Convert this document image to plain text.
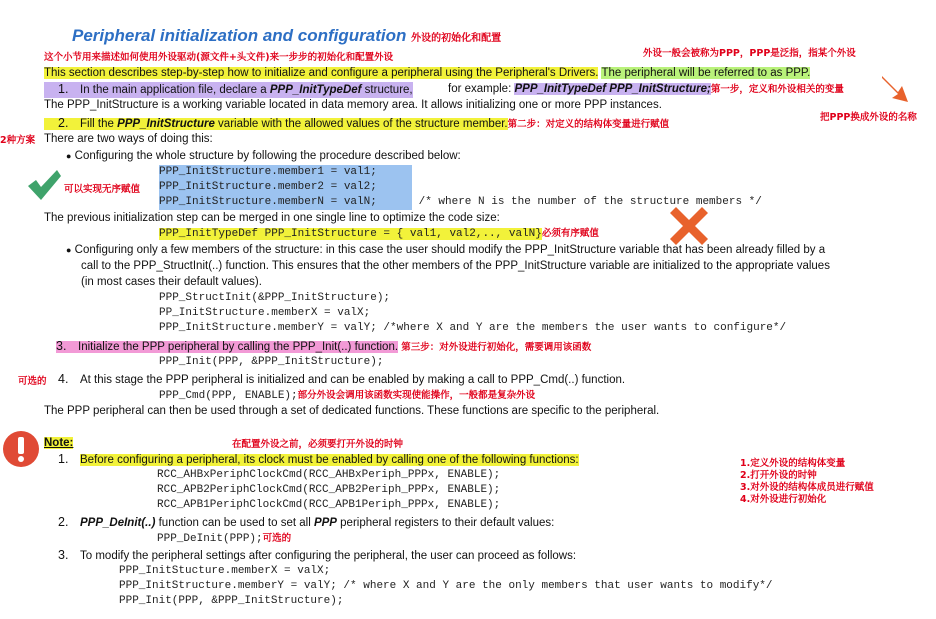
Peripheral initialization and configuration 外设的初始化和配置
这个小节用来描述如何使用外设驱动(源文件+头文件)来一步步的初始化和配置外设	外设一般会被称为PPP，PPP是泛指，指某个外设
This section describes step-by-step how to initialize and configure a peripheral using the Peripheral's Drivers. The peripheral will be referred to as PPP.
1. In the main application file, declare a PPP_InitTypeDef structure,	for example: PPP_InitTypeDef PPP_InitStructure;第一步，定义和外设相关的变量
The PPP_InitStructure is a working variable located in data memory area. It allows initializing one or more PPP instances.
把PPP换成外设的名称
2. Fill the PPP_InitStructure variable with the allowed values of the structure member.第二步：对定义的结构体变量进行赋值
2种方案 There are two ways of doing this:
● Configuring the whole structure by following the procedure described below:
PPP_InitStructure.member1 = val1;
PPP_InitStructure.member2 = val2;
PPP_InitStructure.memberN = valN;	/* where N is the number of the structure members */
可以实现无序赋值
The previous initialization step can be merged in one single line to optimize the code size:
PPP_InitTypeDef PPP_InitStructure = { val1, val2,.., valN}必须有序赋值
● Configuring only a few members of the structure: in this case the user should modify the PPP_InitStructure variable that has been already filled by a
call to the PPP_StructInit(..) function. This ensures that the other members of the PPP_InitStructure variable are initialized to the appropriate values
(in most cases their default values).
PPP_StructInit(&PPP_InitStructure);
PP_InitStructure.memberX = valX;
PPP_InitStructure.memberY = valY; /*where X and Y are the members the user wants to configure*/
3. Initialize the PPP peripheral by calling the PPP_Init(..) function. 第三步：对外设进行初始化，需要调用该函数
PPP_Init(PPP, &PPP_InitStructure);
可选的 4. At this stage the PPP peripheral is initialized and can be enabled by making a call to PPP_Cmd(..) function.
PPP_Cmd(PPP, ENABLE);部分外设会调用该函数实现使能操作，一般都是复杂外设
The PPP peripheral can then be used through a set of dedicated functions. These functions are specific to the peripheral.
Note:	在配置外设之前，必须要打开外设的时钟
1. Before configuring a peripheral, its clock must be enabled by calling one of the following functions:
RCC_AHBxPeriphClockCmd(RCC_AHBxPeriph_PPPx, ENABLE);
RCC_APB2PeriphClockCmd(RCC_APB2Periph_PPPx, ENABLE);
RCC_APB1PeriphClockCmd(RCC_APB1Periph_PPPx, ENABLE);
1.定义外设的结构体变量
2.打开外设的时钟
3.对外设的结构体成员进行赋值
4.对外设进行初始化
2. PPP_DeInit(..) function can be used to set all PPP peripheral registers to their default values:
PPP_DeInit(PPP);可选的
3. To modify the peripheral settings after configuring the peripheral, the user can proceed as follows:
PPP_InitStucture.memberX = valX;
PPP_InitStructure.memberY = valY; /* where X and Y are the only members that user wants to modify*/
PPP_Init(PPP, &PPP_InitStructure);
